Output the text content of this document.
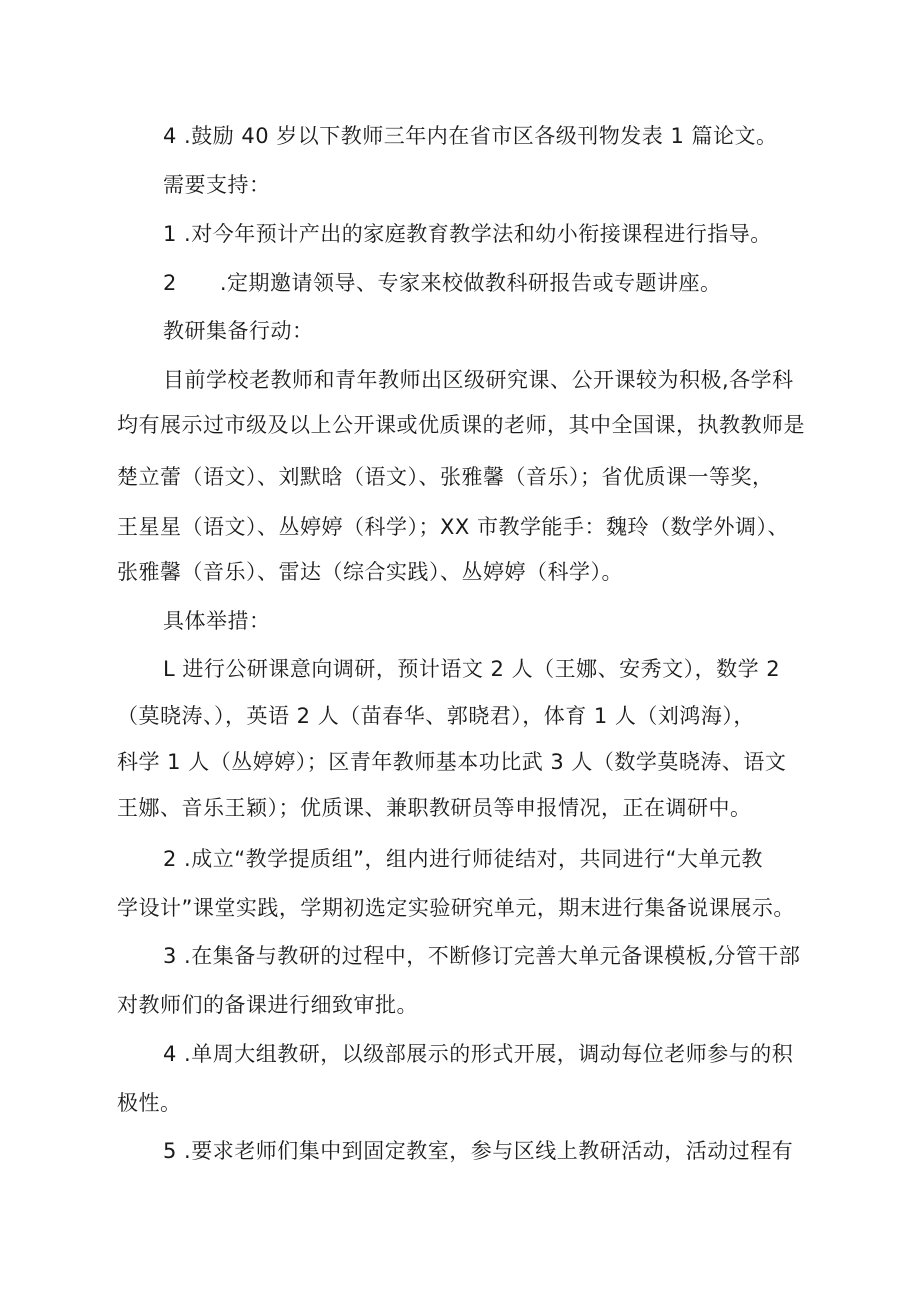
4 .鼓励 40 岁以下教师三年内在省市区各级刊物发表 1 篇论文。
需要支持：
1 .对今年预计产出的家庭教育教学法和幼小衔接课程进行指导。
2　　.定期邀请领导、专家来校做教科研报告或专题讲座。
教研集备行动：
目前学校老教师和青年教师出区级研究课、公开课较为积极,各学科
均有展示过市级及以上公开课或优质课的老师，其中全国课，执教教师是
楚立蕾（语文）、刘默晗（语文）、张雅馨（音乐）；省优质课一等奖，
王星星（语文）、丛婷婷（科学）；XX 市教学能手：魏玲（数学外调）、
张雅馨（音乐）、雷达（综合实践）、丛婷婷（科学）。
具体举措：
L 进行公研课意向调研，预计语文 2 人（王娜、安秀文），数学 2
（莫晓涛、），英语 2 人（苗春华、郭晓君），体育 1 人（刘鸿海），
科学 1 人（丛婷婷）；区青年教师基本功比武 3 人（数学莫晓涛、语文
王娜、音乐王颖）；优质课、兼职教研员等申报情况，正在调研中。
2 .成立“教学提质组”，组内进行师徒结对，共同进行“大单元教
学设计”课堂实践，学期初选定实验研究单元，期末进行集备说课展示。
3 .在集备与教研的过程中，不断修订完善大单元备课模板,分管干部
对教师们的备课进行细致审批。
4 .单周大组教研，以级部展示的形式开展，调动每位老师参与的积
极性。
5 .要求老师们集中到固定教室，参与区线上教研活动，活动过程有
